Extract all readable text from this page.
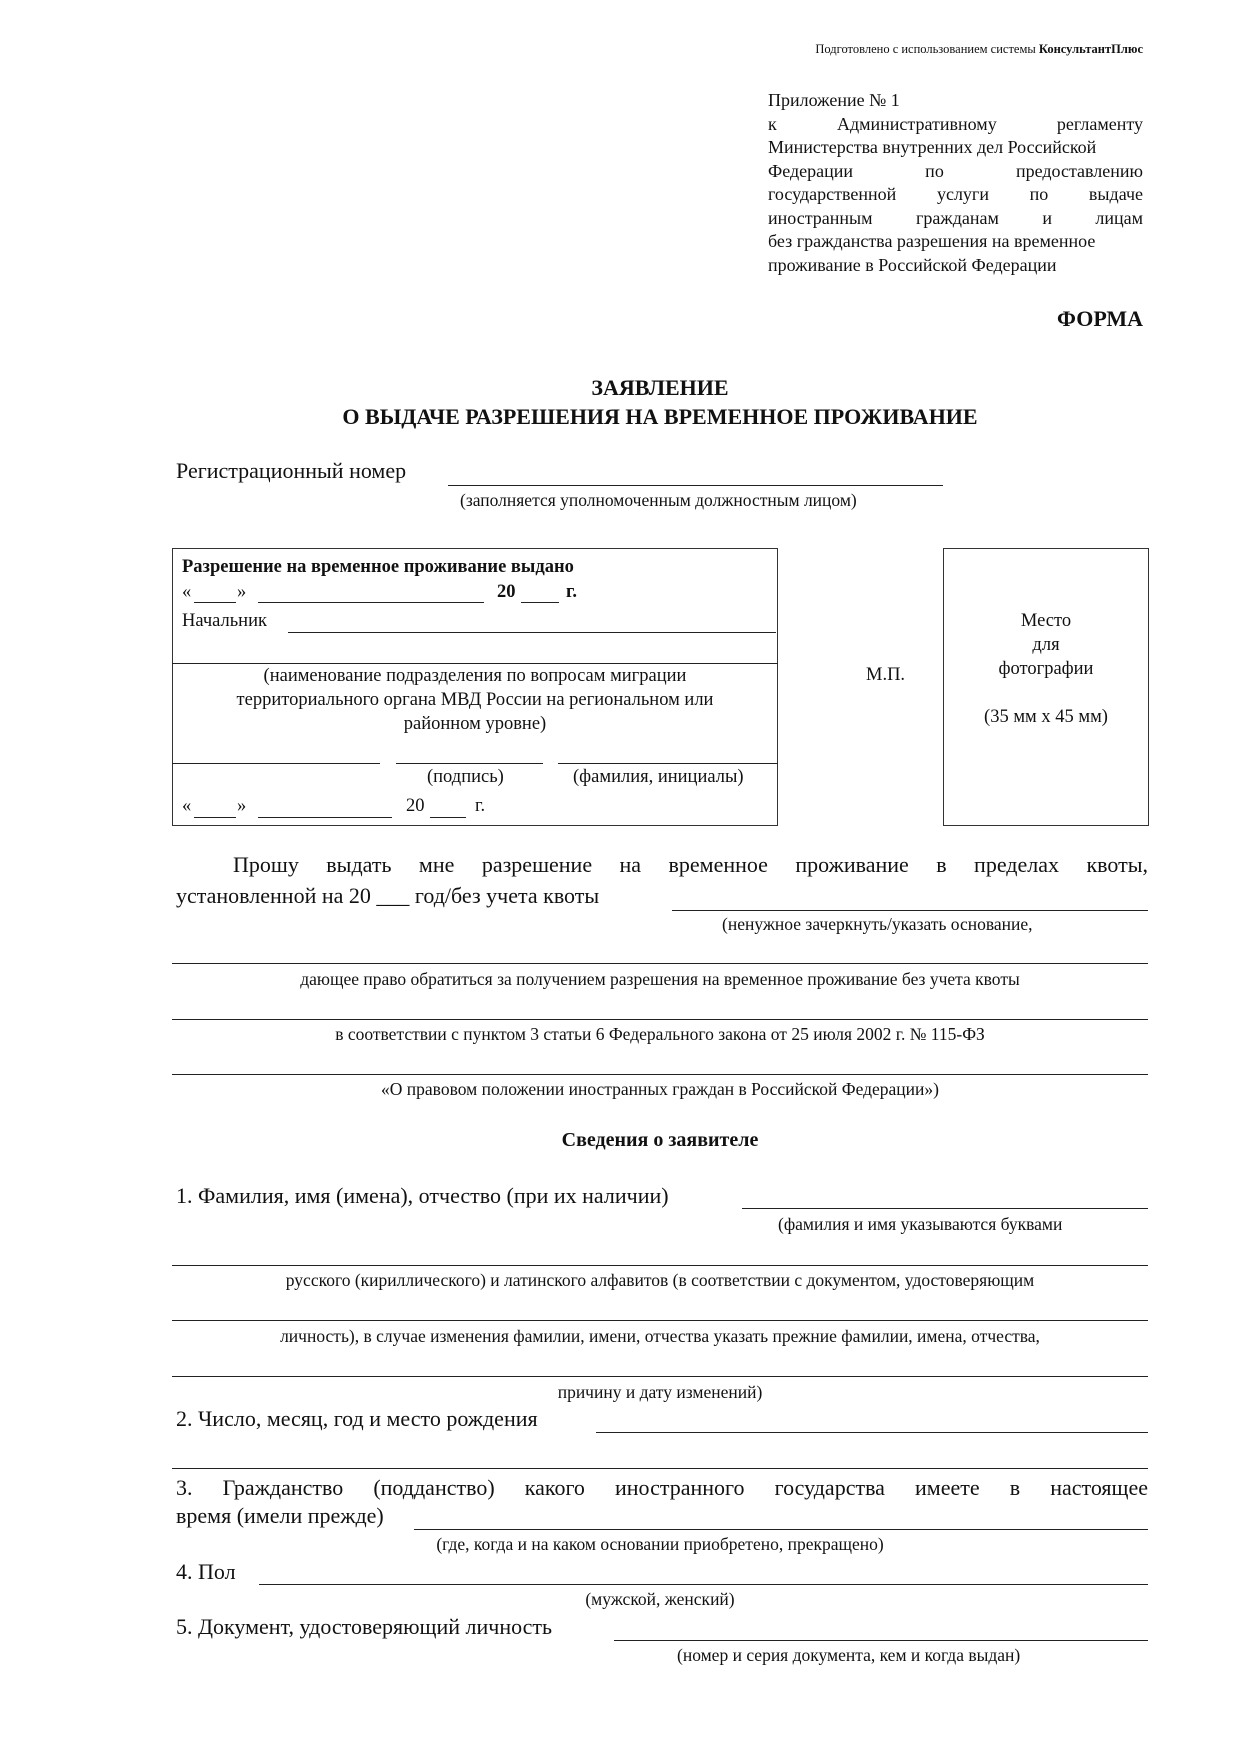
Подготовлено с использованием системы КонсультантПлюс
Приложение № 1
к Административному регламенту
Министерства внутренних дел Российской
Федерации по предоставлению
государственной услуги по выдаче
иностранным гражданам и лицам
без гражданства разрешения на временное
проживание в Российской Федерации
ФОРМА
ЗАЯВЛЕНИЕ
О ВЫДАЧЕ РАЗРЕШЕНИЯ НА ВРЕМЕННОЕ ПРОЖИВАНИЕ
Регистрационный номер
(заполняется уполномоченным должностным лицом)
Разрешение на временное проживание выдано
« »	20	г.
Начальник
(наименование подразделения по вопросам миграции территориального органа МВД России на региональном или районном уровне)
(подпись)	(фамилия, инициалы)
« »	20	г.
М.П.
Место
для
фотографии
(35 мм х 45 мм)
Прошу выдать мне разрешение на временное проживание в пределах квоты,
установленной на 20 ___ год/без учета квоты
(ненужное зачеркнуть/указать основание,
дающее право обратиться за получением разрешения на временное проживание без учета квоты
в соответствии с пунктом 3 статьи 6 Федерального закона от 25 июля 2002 г. № 115-ФЗ
«О правовом положении иностранных граждан в Российской Федерации»)
Сведения о заявителе
1. Фамилия, имя (имена), отчество (при их наличии)
(фамилия и имя указываются буквами
русского (кириллического) и латинского алфавитов (в соответствии с документом, удостоверяющим
личность), в случае изменения фамилии, имени, отчества указать прежние фамилии, имена, отчества,
причину и дату изменений)
2. Число, месяц, год и место рождения
3. Гражданство (подданство) какого иностранного государства имеете в настоящее
время (имели прежде)
(где, когда и на каком основании приобретено, прекращено)
4. Пол
(мужской, женский)
5. Документ, удостоверяющий личность
(номер и серия документа, кем и когда выдан)
